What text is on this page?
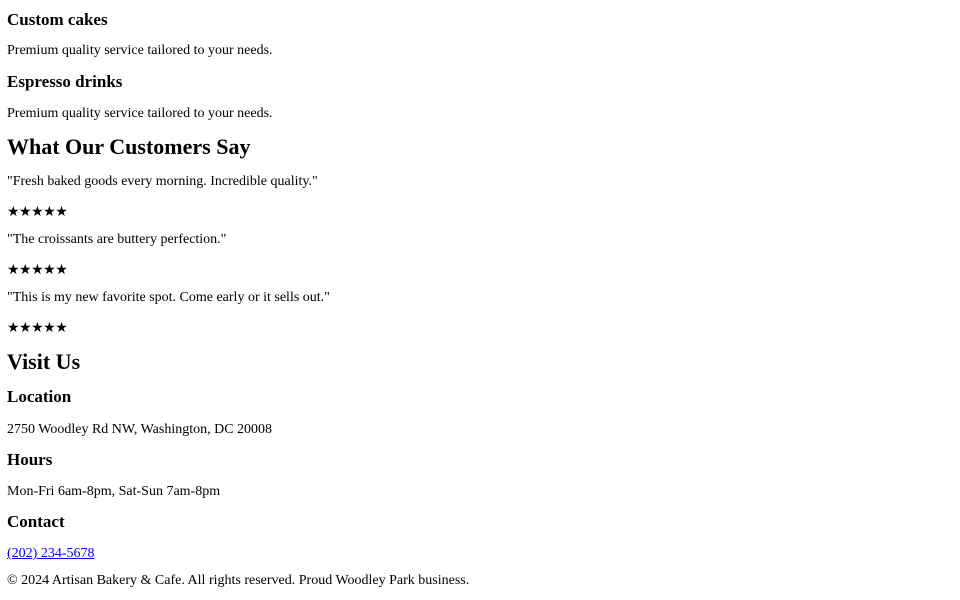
Custom cakes

Premium quality service tailored to your needs.

Espresso drinks

Premium quality service tailored to your needs.

What Our Customers Say

"Fresh baked goods every morning. Incredible quality."

★★★★★

"The croissants are buttery perfection."

★★★★★

"This is my new favorite spot. Come early or it sells out."

★★★★★

Visit Us
Location

2750 Woodley Rd NW, Washington, DC 20008

Hours

Mon-Fri 6am-8pm, Sat-Sun 7am-8pm

Contact

(202) 234-5678

© 2024 Artisan Bakery & Cafe. All rights reserved. Proud Woodley Park business.
